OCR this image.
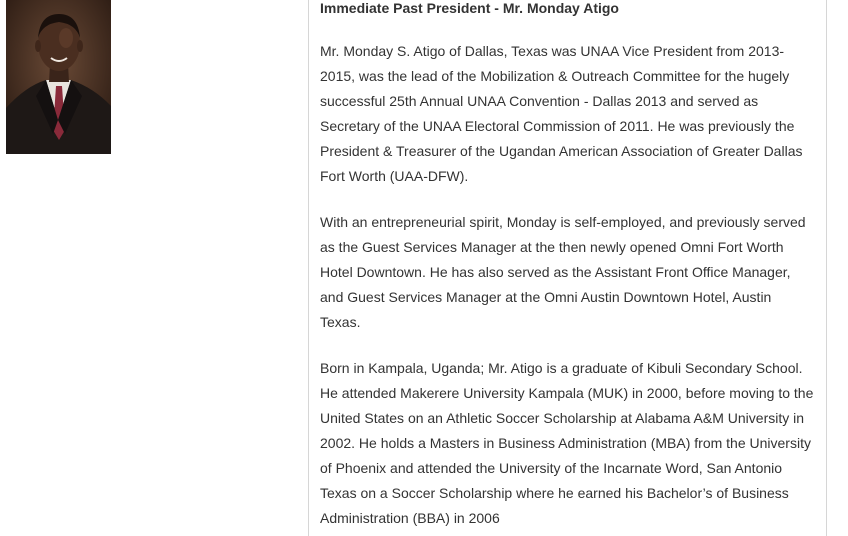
Immediate Past President - Mr. Monday Atigo

Mr. Monday S. Atigo of Dallas, Texas was UNAA Vice President from 2013-2015, was the lead of the Mobilization & Outreach Committee for the hugely successful 25th Annual UNAA Convention - Dallas 2013 and served as Secretary of the UNAA Electoral Commission of 2011. He was previously the President & Treasurer of the Ugandan American Association of Greater Dallas Fort Worth (UAA-DFW).

With an entrepreneurial spirit, Monday is self-employed, and previously served as the Guest Services Manager at the then newly opened Omni Fort Worth Hotel Downtown. He has also served as the Assistant Front Office Manager, and Guest Services Manager at the Omni Austin Downtown Hotel, Austin Texas.

Born in Kampala, Uganda; Mr. Atigo is a graduate of Kibuli Secondary School. He attended Makerere University Kampala (MUK) in 2000, before moving to the United States on an Athletic Soccer Scholarship at Alabama A&M University in 2002. He holds a Masters in Business Administration (MBA) from the University of Phoenix and attended the University of the Incarnate Word, San Antonio Texas on a Soccer Scholarship where he earned his Bachelor’s of Business Administration (BBA) in 2006
